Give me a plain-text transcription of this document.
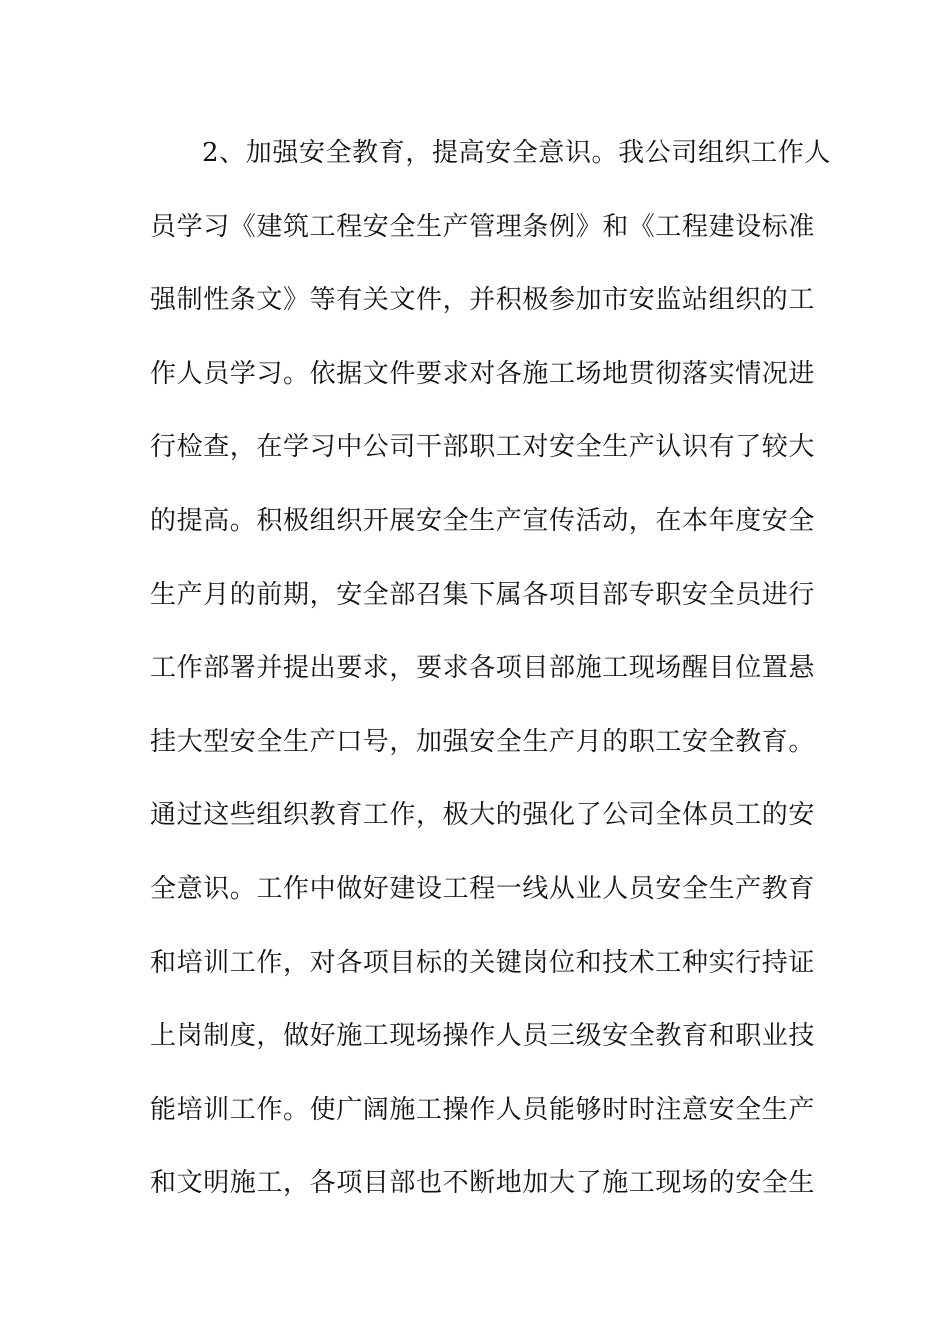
2、加强安全教育，提高安全意识。我公司组织工作人
员学习《建筑工程安全生产管理条例》和《工程建设标准
强制性条文》等有关文件，并积极参加市安监站组织的工
作人员学习。依据文件要求对各施工场地贯彻落实情况进
行检查，在学习中公司干部职工对安全生产认识有了较大
的提高。积极组织开展安全生产宣传活动，在本年度安全
生产月的前期，安全部召集下属各项目部专职安全员进行
工作部署并提出要求，要求各项目部施工现场醒目位置悬
挂大型安全生产口号，加强安全生产月的职工安全教育。
通过这些组织教育工作，极大的强化了公司全体员工的安
全意识。工作中做好建设工程一线从业人员安全生产教育
和培训工作，对各项目标的关键岗位和技术工种实行持证
上岗制度，做好施工现场操作人员三级安全教育和职业技
能培训工作。使广阔施工操作人员能够时时注意安全生产
和文明施工，各项目部也不断地加大了施工现场的安全生
